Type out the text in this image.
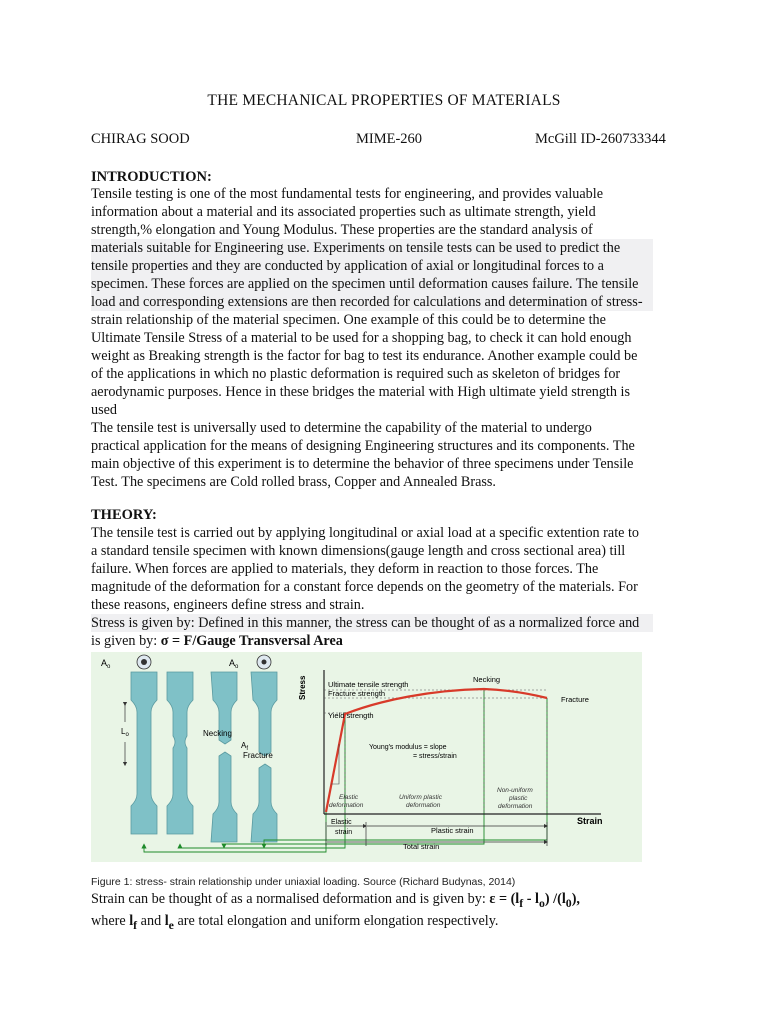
THE MECHANICAL PROPERTIES OF MATERIALS
CHIRAG SOOD	MIME-260	McGill ID-260733344
INTRODUCTION:
Tensile testing is one of the most fundamental tests for engineering, and provides valuable
information about a material and its associated properties such as ultimate strength, yield
strength,% elongation and Young Modulus. These properties are the standard analysis of
materials suitable for Engineering use. Experiments on tensile tests can be used to predict the
tensile properties and they are conducted by application of axial or longitudinal forces to a
specimen. These forces are applied on the specimen until deformation causes failure. The tensile
load and corresponding extensions are then recorded for calculations and determination of stress-
strain relationship of the material specimen. One example of this could be to determine the
Ultimate Tensile Stress of a material to be used for a shopping bag, to check it can hold enough
weight as Breaking strength is the factor for bag to test its endurance. Another example could be
of the applications in which no plastic deformation is required such as skeleton of bridges for
aerodynamic purposes. Hence in these bridges the material with High ultimate yield strength is
used
The tensile test is universally used to determine the capability of the material to undergo
practical application for the means of designing Engineering structures and its components. The
main objective of this experiment is to determine the behavior of three specimens under Tensile
Test. The specimens are Cold rolled brass, Copper and Annealed Brass.
THEORY:
The tensile test is carried out by applying longitudinal or axial load at a specific extention rate to
a standard tensile specimen with known dimensions(gauge length and cross sectional area) till
failure. When forces are applied to materials, they deform in reaction to those forces. The
magnitude of the deformation for a constant force depends on the geometry of the materials. For
these reasons, engineers define stress and strain.
Stress is given by: Defined in this manner, the stress can be thought of as a normalized force and
is given by: σ = F/Gauge Transversal Area
$A_o$	$A_o$
$L_o$	Necking
$A_f$
Fracture
Stress
Strain
Ultimate tensile strength
Fracture strength
Yield strength
Necking
Fracture
Young's modulus = slope
= stress/strain
Elastic
deformation
Uniform plastic
deformation
Non-uniform
plastic
deformation
Elastic
strain	Plastic strain
Total strain
Figure 1: stress- strain relationship under uniaxial loading. Source (Richard Budynas, 2014)
Strain can be thought of as a normalised deformation and is given by: $\varepsilon = (l_f - l_o)$ $/(l_0)$,
where $l_f$ and $l_e$ are total elongation and uniform elongation respectively.
